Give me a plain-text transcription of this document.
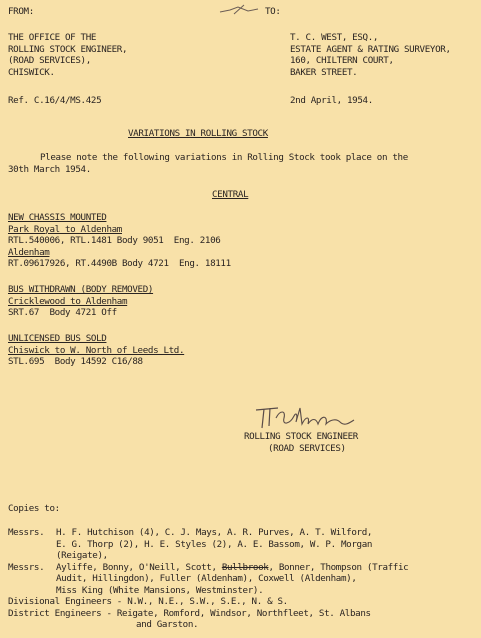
FROM:	TO:
THE OFFICE OF THE
ROLLING STOCK ENGINEER,
(ROAD SERVICES),
CHISWICK.
T. C. WEST, ESQ.,
ESTATE AGENT & RATING SURVEYOR,
160, CHILTERN COURT,
BAKER STREET.
Ref. C.16/4/MS.425	2nd April, 1954.
VARIATIONS IN ROLLING STOCK
Please note the following variations in Rolling Stock took place on the
30th March 1954.
CENTRAL
NEW CHASSIS MOUNTED
Park Royal to Aldenham
RTL.540006, RTL.1481 Body 9051  Eng. 2106
Aldenham
RT.09617926, RT.4490B Body 4721  Eng. 18111
BUS WITHDRAWN (BODY REMOVED)
Cricklewood to Aldenham
SRT.67  Body 4721 Off
UNLICENSED BUS SOLD
Chiswick to W. North of Leeds Ltd.
STL.695  Body 14592 C16/88
ROLLING STOCK ENGINEER
(ROAD SERVICES)
Copies to:
Messrs. H. F. Hutchison (4), C. J. Mays, A. R. Purves, A. T. Wilford,
E. G. Thorp (2), H. E. Styles (2), A. E. Bassom, W. P. Morgan
(Reigate),
Messrs. Ayliffe, Bonny, O'Neill, Scott, Bullbrook, Bonner, Thompson (Traffic
Audit, Hillingdon), Fuller (Aldenham), Coxwell (Aldenham),
Miss King (White Mansions, Westminster).
Divisional Engineers - N.W., N.E., S.W., S.E., N. & S.
District Engineers - Reigate, Romford, Windsor, Northfleet, St. Albans
and Garston.
